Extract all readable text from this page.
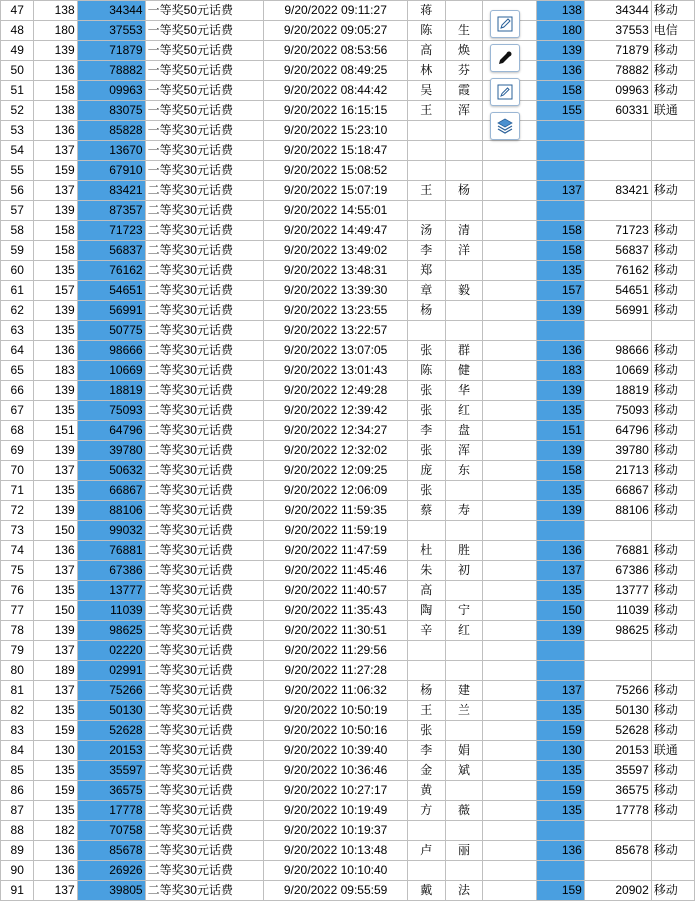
47	138	34344	一等奖50元话费	9/20/2022 09:11:27	蒋			138	34344	移动
48	180	37553	一等奖50元话费	9/20/2022 09:05:27	陈	生		180	37553	电信
49	139	71879	一等奖50元话费	9/20/2022 08:53:56	高	焕		139	71879	移动
50	136	78882	一等奖50元话费	9/20/2022 08:49:25	林	芬		136	78882	移动
51	158	09963	一等奖50元话费	9/20/2022 08:44:42	吴	霞		158	09963	移动
52	138	83075	一等奖50元话费	9/20/2022 16:15:15	王	浑		155	60331	联通
53	136	85828	一等奖30元话费	9/20/2022 15:23:10						
54	137	13670	一等奖30元话费	9/20/2022 15:18:47						
55	159	67910	一等奖30元话费	9/20/2022 15:08:52						
56	137	83421	二等奖30元话费	9/20/2022 15:07:19	王	杨		137	83421	移动
57	139	87357	二等奖30元话费	9/20/2022 14:55:01						
58	158	71723	二等奖30元话费	9/20/2022 14:49:47	汤	清		158	71723	移动
59	158	56837	二等奖30元话费	9/20/2022 13:49:02	李	洋		158	56837	移动
60	135	76162	二等奖30元话费	9/20/2022 13:48:31	郑			135	76162	移动
61	157	54651	二等奖30元话费	9/20/2022 13:39:30	章	毅		157	54651	移动
62	139	56991	二等奖30元话费	9/20/2022 13:23:55	杨			139	56991	移动
63	135	50775	二等奖30元话费	9/20/2022 13:22:57						
64	136	98666	二等奖30元话费	9/20/2022 13:07:05	张	群		136	98666	移动
65	183	10669	二等奖30元话费	9/20/2022 13:01:43	陈	健		183	10669	移动
66	139	18819	二等奖30元话费	9/20/2022 12:49:28	张	华		139	18819	移动
67	135	75093	二等奖30元话费	9/20/2022 12:39:42	张	红		135	75093	移动
68	151	64796	二等奖30元话费	9/20/2022 12:34:27	李	盘		151	64796	移动
69	139	39780	二等奖30元话费	9/20/2022 12:32:02	张	浑		139	39780	移动
70	137	50632	二等奖30元话费	9/20/2022 12:09:25	庞	东		158	21713	移动
71	135	66867	二等奖30元话费	9/20/2022 12:06:09	张			135	66867	移动
72	139	88106	二等奖30元话费	9/20/2022 11:59:35	蔡	寿		139	88106	移动
73	150	99032	二等奖30元话费	9/20/2022 11:59:19						
74	136	76881	二等奖30元话费	9/20/2022 11:47:59	杜	胜		136	76881	移动
75	137	67386	二等奖30元话费	9/20/2022 11:45:46	朱	初		137	67386	移动
76	135	13777	二等奖30元话费	9/20/2022 11:40:57	高			135	13777	移动
77	150	11039	二等奖30元话费	9/20/2022 11:35:43	陶	宁		150	11039	移动
78	139	98625	二等奖30元话费	9/20/2022 11:30:51	辛	红		139	98625	移动
79	137	02220	二等奖30元话费	9/20/2022 11:29:56						
80	189	02991	二等奖30元话费	9/20/2022 11:27:28						
81	137	75266	二等奖30元话费	9/20/2022 11:06:32	杨	建		137	75266	移动
82	135	50130	二等奖30元话费	9/20/2022 10:50:19	王	兰		135	50130	移动
83	159	52628	二等奖30元话费	9/20/2022 10:50:16	张			159	52628	移动
84	130	20153	二等奖30元话费	9/20/2022 10:39:40	李	娟		130	20153	联通
85	135	35597	二等奖30元话费	9/20/2022 10:36:46	金	斌		135	35597	移动
86	159	36575	二等奖30元话费	9/20/2022 10:27:17	黄			159	36575	移动
87	135	17778	二等奖30元话费	9/20/2022 10:19:49	方	薇		135	17778	移动
88	182	70758	二等奖30元话费	9/20/2022 10:19:37						
89	136	85678	二等奖30元话费	9/20/2022 10:13:48	卢	丽		136	85678	移动
90	136	26926	二等奖30元话费	9/20/2022 10:10:40						
91	137	39805	二等奖30元话费	9/20/2022 09:55:59	戴	法		159	20902	移动
